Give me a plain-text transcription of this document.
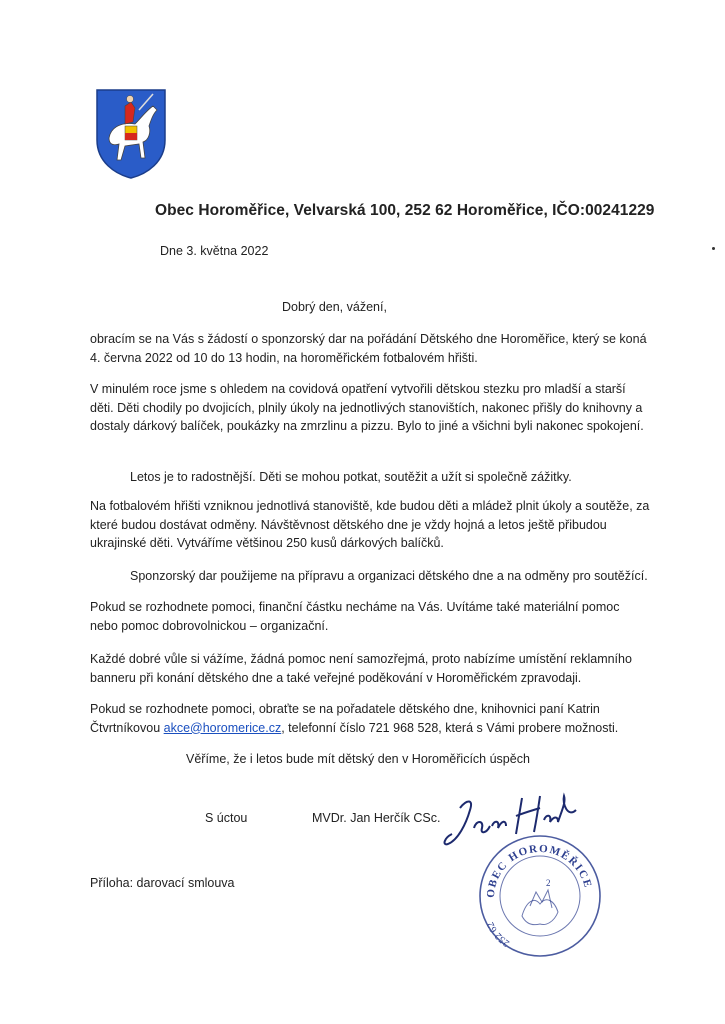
Obec Horoměřice, Velvarská 100, 252 62 Horoměřice, IČO:00241229
Dne 3. května 2022
Dobrý den, vážení,
obracím se na Vás s žádostí o sponzorský dar na pořádání Dětského dne Horoměřice, který se koná 4. června 2022 od 10 do 13 hodin, na horoměřickém fotbalovém hřišti.
V minulém roce jsme s ohledem na covidová opatření vytvořili dětskou stezku pro mladší a starší děti. Děti chodily po dvojicích, plnily úkoly na jednotlivých stanovištích, nakonec přišly do knihovny a dostaly dárkový balíček, poukázky na zmrzlinu a pizzu. Bylo to jiné a všichni byli nakonec spokojení.
Letos je to radostnější. Děti se mohou potkat, soutěžit a užít si společně zážitky.
Na fotbalovém hřišti vzniknou jednotlivá stanoviště, kde budou děti a mládež plnit úkoly a soutěže, za které budou dostávat odměny. Návštěvnost dětského dne je vždy hojná a letos ještě přibudou ukrajinské děti. Vytváříme většinou 250 kusů dárkových balíčků.
Sponzorský dar použijeme na přípravu a organizaci dětského dne a na odměny pro soutěžící.
Pokud se rozhodnete pomoci, finanční částku necháme na Vás. Uvítáme také materiální pomoc nebo pomoc dobrovolnickou – organizační.
Každé dobré vůle si vážíme, žádná pomoc není samozřejmá, proto nabízíme umístění reklamního banneru při konání dětského dne a také veřejné poděkování v Horoměřickém zpravodaji.
Pokud se rozhodnete pomoci, obraťte se na pořadatele dětského dne, knihovnici paní Katrin Čtvrtníkovou akce@horomerice.cz, telefonní číslo 721 968 528, která s Vámi probere možnosti.
Věříme, že i letos bude mít dětský den v Horoměřicích úspěch
S úctou	MVDr. Jan Herčík CSc.
OBEC HOROMĚŘICE
252 62
2
Příloha: darovací smlouva
